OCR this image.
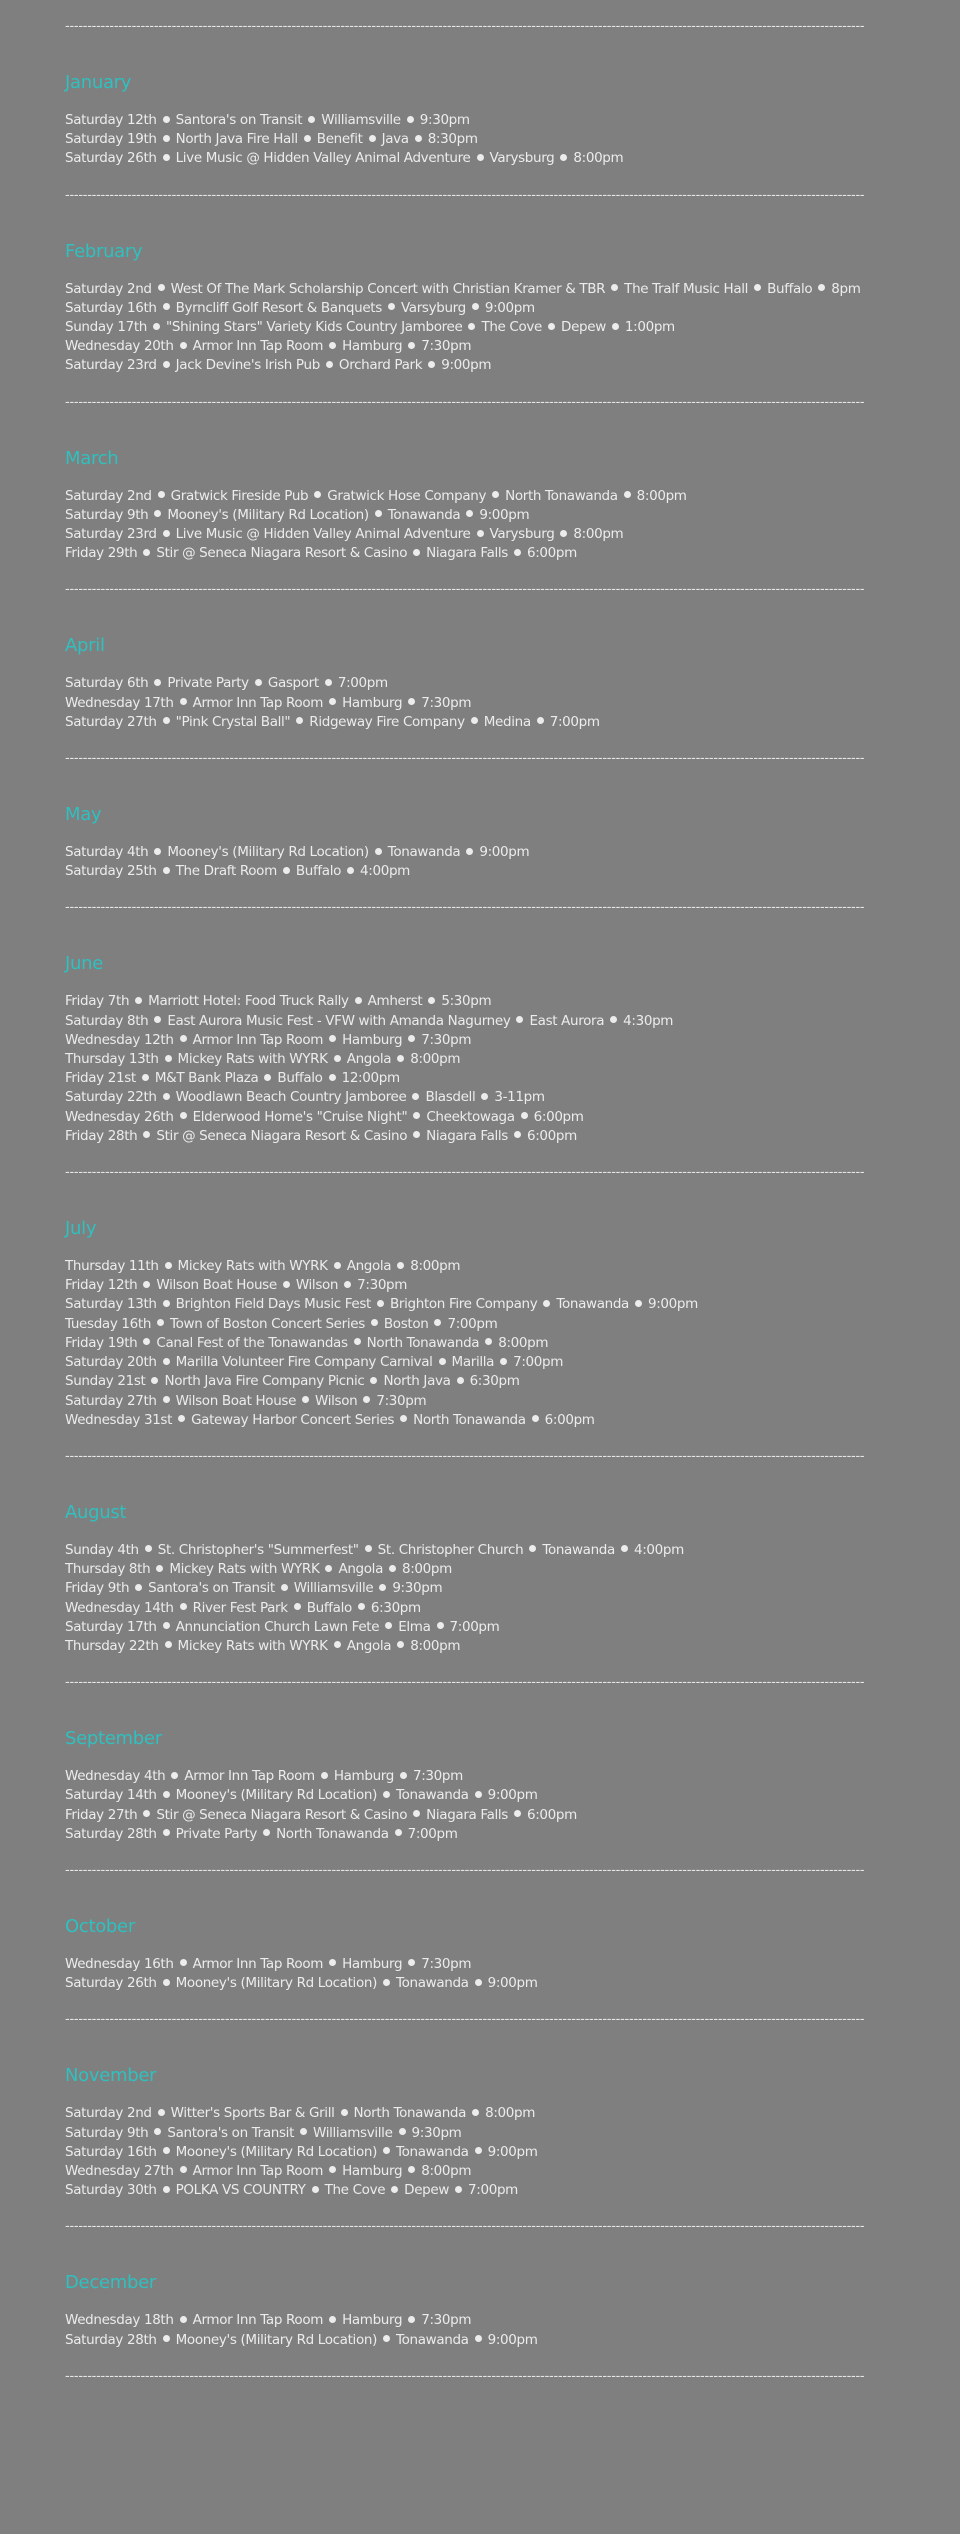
------------------------------------------------------------------------------------------------------------------------------------------------------------------------------------
January
Saturday 12th Santora's on Transit Williamsville 9:30pm
Saturday 19th North Java Fire Hall Benefit Java 8:30pm
Saturday 26th Live Music @ Hidden Valley Animal Adventure Varysburg 8:00pm
------------------------------------------------------------------------------------------------------------------------------------------------------------------------------------
February
Saturday 2nd West Of The Mark Scholarship Concert with Christian Kramer & TBR The Tralf Music Hall Buffalo 8pm
Saturday 16th Byrncliff Golf Resort & Banquets Varsyburg 9:00pm
Sunday 17th "Shining Stars" Variety Kids Country Jamboree The Cove Depew 1:00pm
Wednesday 20th Armor Inn Tap Room Hamburg 7:30pm
Saturday 23rd Jack Devine's Irish Pub Orchard Park 9:00pm
------------------------------------------------------------------------------------------------------------------------------------------------------------------------------------
March
Saturday 2nd Gratwick Fireside Pub Gratwick Hose Company North Tonawanda 8:00pm
Saturday 9th Mooney's (Military Rd Location) Tonawanda 9:00pm
Saturday 23rd Live Music @ Hidden Valley Animal Adventure Varysburg 8:00pm
Friday 29th Stir @ Seneca Niagara Resort & Casino Niagara Falls 6:00pm
------------------------------------------------------------------------------------------------------------------------------------------------------------------------------------
April
Saturday 6th Private Party Gasport 7:00pm
Wednesday 17th Armor Inn Tap Room Hamburg 7:30pm
Saturday 27th "Pink Crystal Ball" Ridgeway Fire Company Medina 7:00pm
------------------------------------------------------------------------------------------------------------------------------------------------------------------------------------
May
Saturday 4th Mooney's (Military Rd Location) Tonawanda 9:00pm
Saturday 25th The Draft Room Buffalo 4:00pm
------------------------------------------------------------------------------------------------------------------------------------------------------------------------------------
June
Friday 7th Marriott Hotel: Food Truck Rally Amherst 5:30pm
Saturday 8th East Aurora Music Fest - VFW with Amanda Nagurney East Aurora 4:30pm
Wednesday 12th Armor Inn Tap Room Hamburg 7:30pm
Thursday 13th Mickey Rats with WYRK Angola 8:00pm
Friday 21st M&T Bank Plaza Buffalo 12:00pm
Saturday 22th Woodlawn Beach Country Jamboree Blasdell 3-11pm
Wednesday 26th Elderwood Home's "Cruise Night" Cheektowaga 6:00pm
Friday 28th Stir @ Seneca Niagara Resort & Casino Niagara Falls 6:00pm
------------------------------------------------------------------------------------------------------------------------------------------------------------------------------------
July
Thursday 11th Mickey Rats with WYRK Angola 8:00pm
Friday 12th Wilson Boat House Wilson 7:30pm
Saturday 13th Brighton Field Days Music Fest Brighton Fire Company Tonawanda 9:00pm
Tuesday 16th Town of Boston Concert Series Boston 7:00pm
Friday 19th Canal Fest of the Tonawandas North Tonawanda 8:00pm
Saturday 20th Marilla Volunteer Fire Company Carnival Marilla 7:00pm
Sunday 21st North Java Fire Company Picnic North Java 6:30pm
Saturday 27th Wilson Boat House Wilson 7:30pm
Wednesday 31st Gateway Harbor Concert Series North Tonawanda 6:00pm
------------------------------------------------------------------------------------------------------------------------------------------------------------------------------------
August
Sunday 4th St. Christopher's "Summerfest" St. Christopher Church Tonawanda 4:00pm
Thursday 8th Mickey Rats with WYRK Angola 8:00pm
Friday 9th Santora's on Transit Williamsville 9:30pm
Wednesday 14th River Fest Park Buffalo 6:30pm
Saturday 17th Annunciation Church Lawn Fete Elma 7:00pm
Thursday 22th Mickey Rats with WYRK Angola 8:00pm
------------------------------------------------------------------------------------------------------------------------------------------------------------------------------------
September
Wednesday 4th Armor Inn Tap Room Hamburg 7:30pm
Saturday 14th Mooney's (Military Rd Location) Tonawanda 9:00pm
Friday 27th Stir @ Seneca Niagara Resort & Casino Niagara Falls 6:00pm
Saturday 28th Private Party North Tonawanda 7:00pm
------------------------------------------------------------------------------------------------------------------------------------------------------------------------------------
October
Wednesday 16th Armor Inn Tap Room Hamburg 7:30pm
Saturday 26th Mooney's (Military Rd Location) Tonawanda 9:00pm
------------------------------------------------------------------------------------------------------------------------------------------------------------------------------------
November
Saturday 2nd Witter's Sports Bar & Grill North Tonawanda 8:00pm
Saturday 9th Santora's on Transit Williamsville 9:30pm
Saturday 16th Mooney's (Military Rd Location) Tonawanda 9:00pm
Wednesday 27th Armor Inn Tap Room Hamburg 8:00pm
Saturday 30th POLKA VS COUNTRY The Cove Depew 7:00pm
------------------------------------------------------------------------------------------------------------------------------------------------------------------------------------
December
Wednesday 18th Armor Inn Tap Room Hamburg 7:30pm
Saturday 28th Mooney's (Military Rd Location) Tonawanda 9:00pm
------------------------------------------------------------------------------------------------------------------------------------------------------------------------------------
